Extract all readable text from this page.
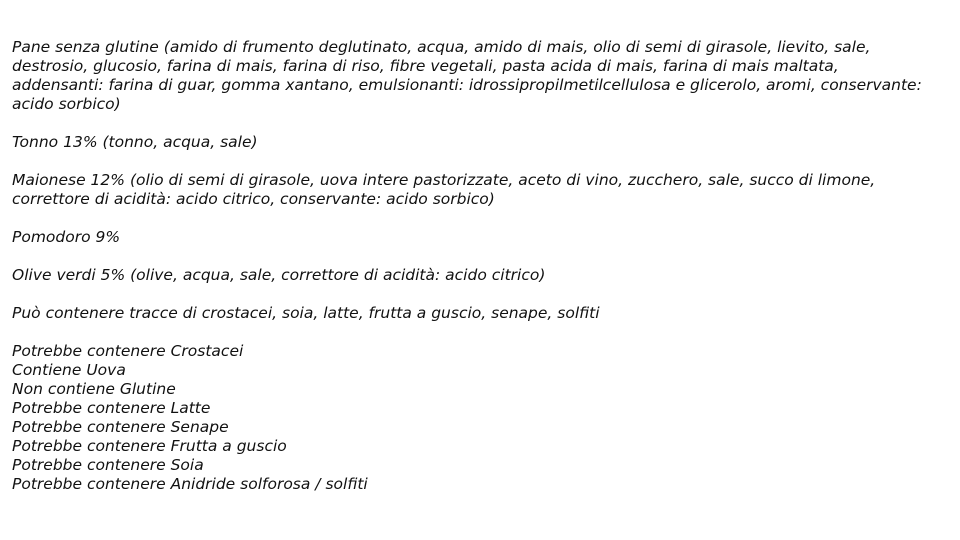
Pane senza glutine (amido di frumento deglutinato, acqua, amido di mais, olio di semi di girasole, lievito, sale,
destrosio, glucosio, farina di mais, farina di riso, fibre vegetali, pasta acida di mais, farina di mais maltata,
addensanti: farina di guar, gomma xantano, emulsionanti: idrossipropilmetilcellulosa e glicerolo, aromi, conservante:
acido sorbico)

Tonno 13% (tonno, acqua, sale)

Maionese 12% (olio di semi di girasole, uova intere pastorizzate, aceto di vino, zucchero, sale, succo di limone,
correttore di acidità: acido citrico, conservante: acido sorbico)

Pomodoro 9%

Olive verdi 5% (olive, acqua, sale, correttore di acidità: acido citrico)

Può contenere tracce di crostacei, soia, latte, frutta a guscio, senape, solfiti

Potrebbe contenere Crostacei
Contiene Uova
Non contiene Glutine
Potrebbe contenere Latte
Potrebbe contenere Senape
Potrebbe contenere Frutta a guscio
Potrebbe contenere Soia
Potrebbe contenere Anidride solforosa / solfiti
